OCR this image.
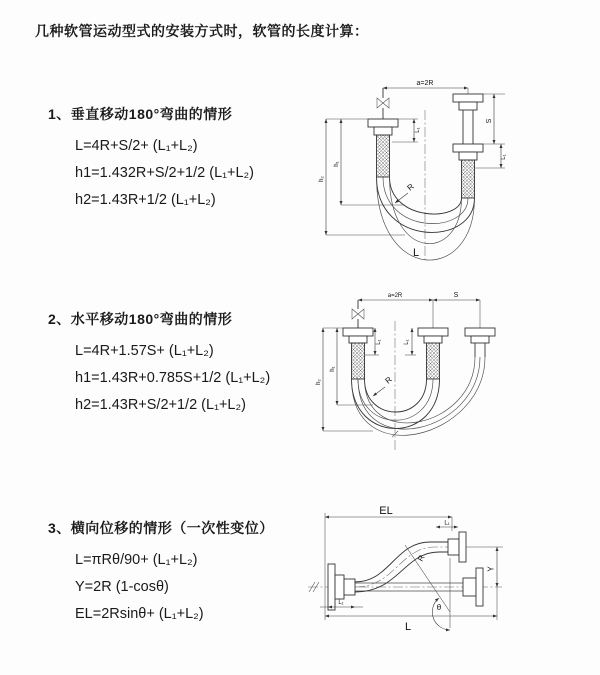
几种软管运动型式的安装方式时，软管的长度计算：
1、垂直移动180°弯曲的情形
L=4R+S/2+ (L₁+L₂)
h1=1.432R+S/2+1/2 (L₁+L₂)
h2=1.43R+1/2 (L₁+L₂)
2、水平移动180°弯曲的情形
L=4R+1.57S+ (L₁+L₂)
h1=1.43R+0.785S+1/2 (L₁+L₂)
h2=1.43R+S/2+1/2 (L₁+L₂)
3、横向位移的情形（一次性变位）
L=πRθ/90+ (L₁+L₂)
Y=2R (1-cosθ)
EL=2Rsinθ+ (L₁+L₂)
a=2R
R
h₁
h₂
L₁
S
L₁
L
a=2R	S
L₁	L₁
h₁
h₂	R
EL
L₁
Y
L
L₁
R
θ
